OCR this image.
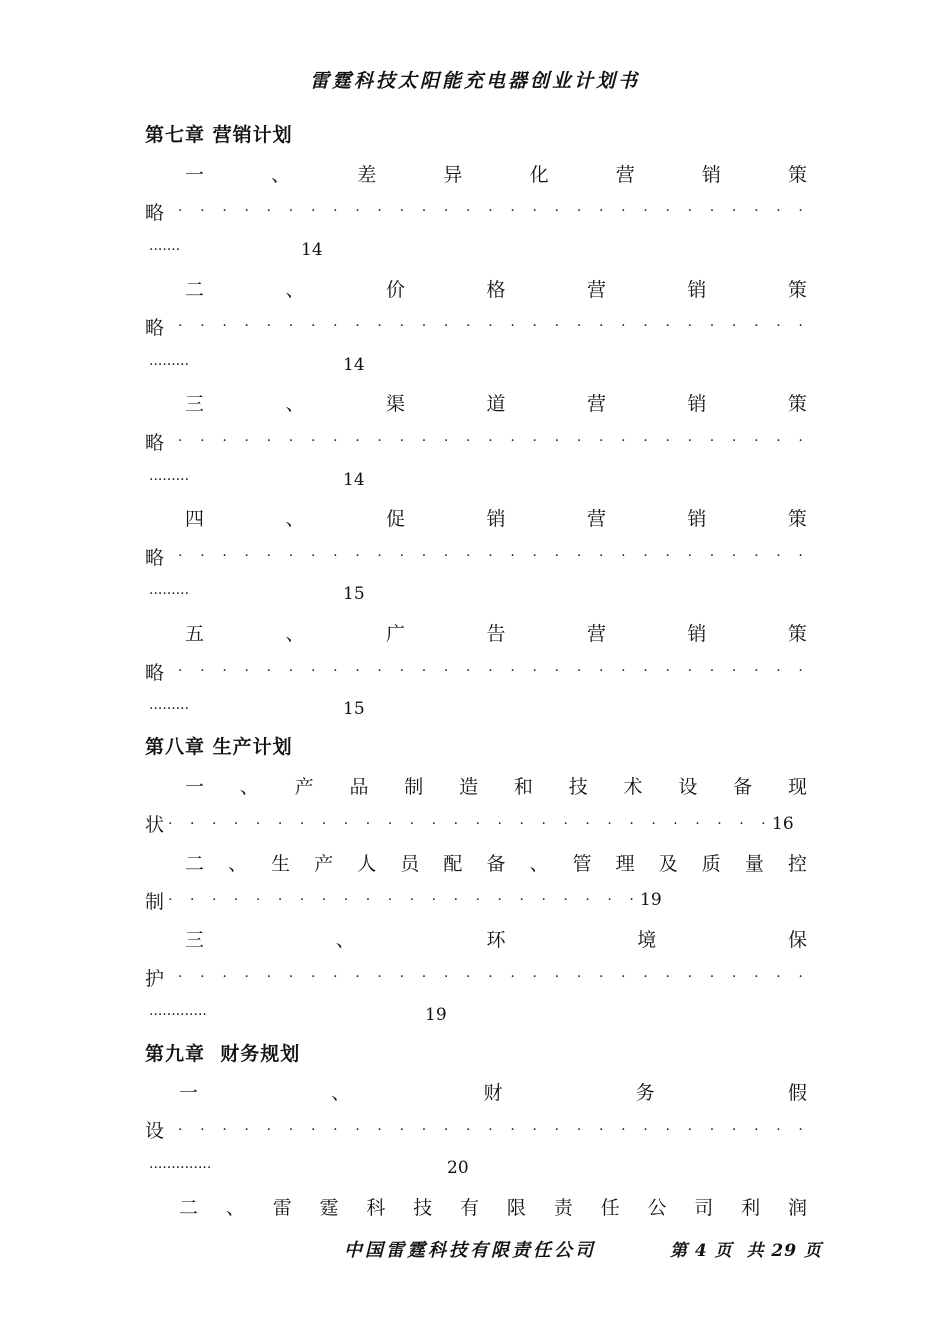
雷霆科技太阳能充电器创业计划书
第七章 营销计划
一	、	差	异	化	营	销	策
略	· · · · · · · · · · · · · · · · · · · · · · · · · · · · ·
·······	14
二	、	价	格	营	销	策
略	· · · · · · · · · · · · · · · · · · · · · · · · · · · · ·
·········	14
三	、	渠	道	营	销	策
略	· · · · · · · · · · · · · · · · · · · · · · · · · · · · ·
·········	14
四	、	促	销	营	销	策
略	· · · · · · · · · · · · · · · · · · · · · · · · · · · · ·
·········	15
五	、	广	告	营	销	策
略	· · · · · · · · · · · · · · · · · · · · · · · · · · · · ·
·········	15
第八章 生产计划
一 、 产 品 制 造 和 技 术 设 备 现
状 · · · · · · · · · · · · · · · · · · · · · · · · · · · · 16
二 、 生 产 人 员 配 备 、 管 理 及 质 量 控
制 · · · · · · · · · · · · · · · · · · · · · · 19
三	、	环	境	保
护	· · · · · · · · · · · · · · · · · · · · · · · · · · · · ·
·············	19
第九章  财务规划
一	、	财	务	假
设	· · · · · · · · · · · · · · · · · · · · · · · · · · · · ·
··············	20
二 、 雷 霆 科 技 有 限 责 任 公 司 利 润
中国雷霆科技有限责任公司	第 4 页  共 29 页
